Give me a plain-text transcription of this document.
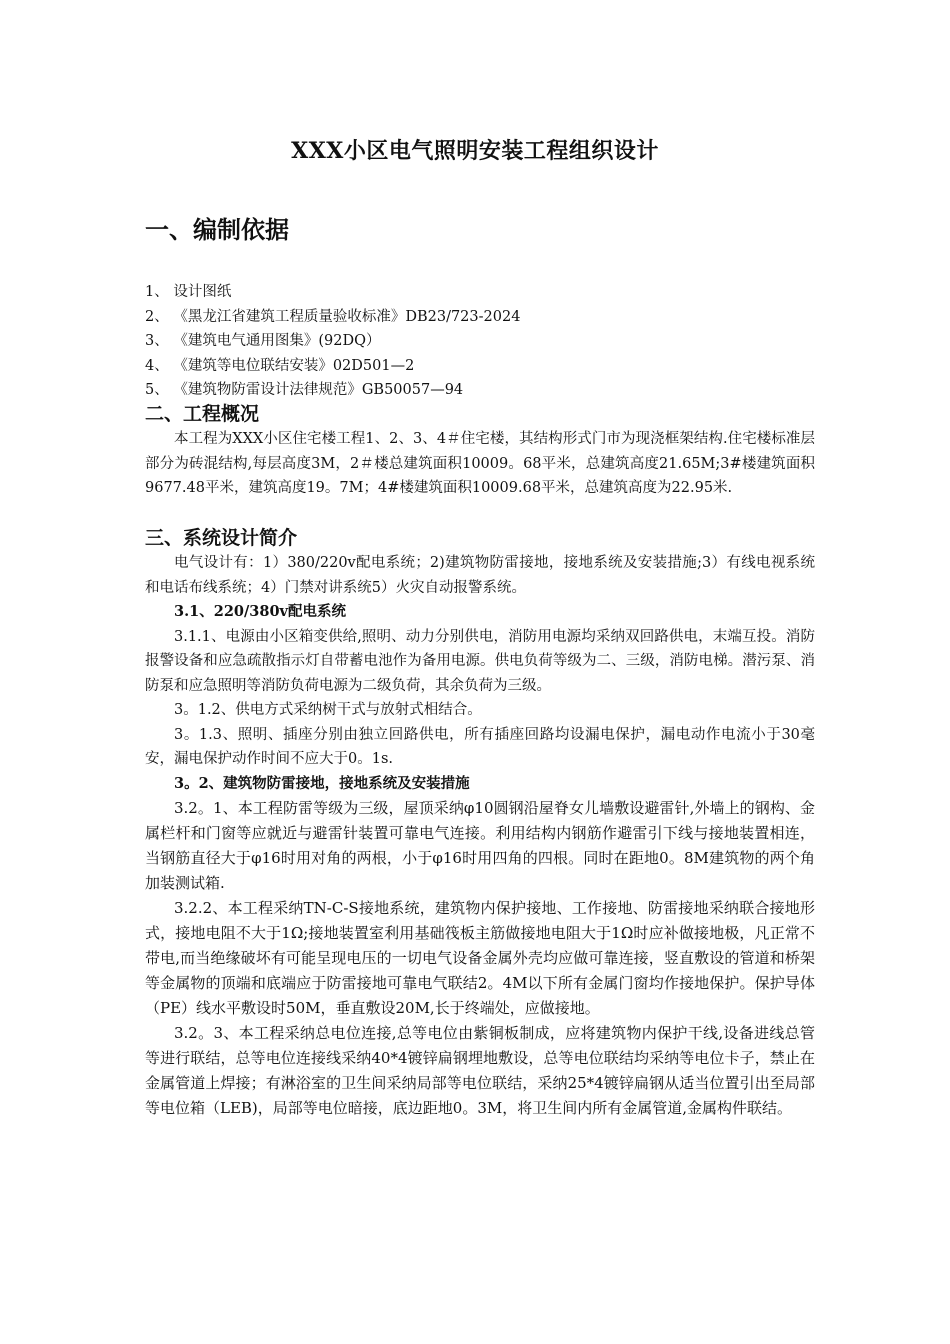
XXX小区电气照明安装工程组织设计
一、编制依据
1、 设计图纸
2、 《黑龙江省建筑工程质量验收标准》DB23/723-2024
3、 《建筑电气通用图集》(92DQ）
4、 《建筑等电位联结安装》02D501—2
5、 《建筑物防雷设计法律规范》GB50057—94
二、工程概况

本工程为XXX小区住宅楼工程1、2、3、4＃住宅楼，其结构形式门市为现浇框架结构.住宅楼标准层部分为砖混结构,每层高度3M，2＃楼总建筑面积10009。68平米，总建筑高度21.65M;3#楼建筑面积9677.48平米，建筑高度19。7M；4#楼建筑面积10009.68平米，总建筑高度为22.95米.

三、系统设计简介

电气设计有：1）380/220v配电系统；2)建筑物防雷接地，接地系统及安装措施;3）有线电视系统和电话布线系统；4）门禁对讲系统5）火灾自动报警系统。

3.1、220/380v配电系统

3.1.1、电源由小区箱变供给,照明、动力分别供电，消防用电源均采纳双回路供电，末端互投。消防报警设备和应急疏散指示灯自带蓄电池作为备用电源。供电负荷等级为二、三级，消防电梯。潜污泵、消防泵和应急照明等消防负荷电源为二级负荷，其余负荷为三级。

3。1.2、供电方式采纳树干式与放射式相结合。

3。1.3、照明、插座分别由独立回路供电，所有插座回路均设漏电保护，漏电动作电流小于30毫安，漏电保护动作时间不应大于0。1s.

3。2、建筑物防雷接地，接地系统及安装措施

3.2。1、本工程防雷等级为三级，屋顶采纳φ10圆钢沿屋脊女儿墙敷设避雷针,外墙上的钢构、金属栏杆和门窗等应就近与避雷针装置可靠电气连接。利用结构内钢筋作避雷引下线与接地装置相连，当钢筋直径大于φ16时用对角的两根，小于φ16时用四角的四根。同时在距地0。8M建筑物的两个角加装测试箱.

3.2.2、本工程采纳TN-C-S接地系统，建筑物内保护接地、工作接地、防雷接地采纳联合接地形式，接地电阻不大于1Ω;接地装置室利用基础筏板主筋做接地电阻大于1Ω时应补做接地极，凡正常不带电,而当绝缘破坏有可能呈现电压的一切电气设备金属外壳均应做可靠连接，竖直敷设的管道和桥架等金属物的顶端和底端应于防雷接地可靠电气联结2。4M以下所有金属门窗均作接地保护。保护导体（PE）线水平敷设时50M，垂直敷设20M,长于终端处，应做接地。

3.2。3、本工程采纳总电位连接,总等电位由紫铜板制成，应将建筑物内保护干线,设备进线总管等进行联结，总等电位连接线采纳40*4镀锌扁钢埋地敷设，总等电位联结均采纳等电位卡子，禁止在金属管道上焊接；有淋浴室的卫生间采纳局部等电位联结，采纳25*4镀锌扁钢从适当位置引出至局部等电位箱（LEB)，局部等电位暗接，底边距地0。3M，将卫生间内所有金属管道,金属构件联结。
